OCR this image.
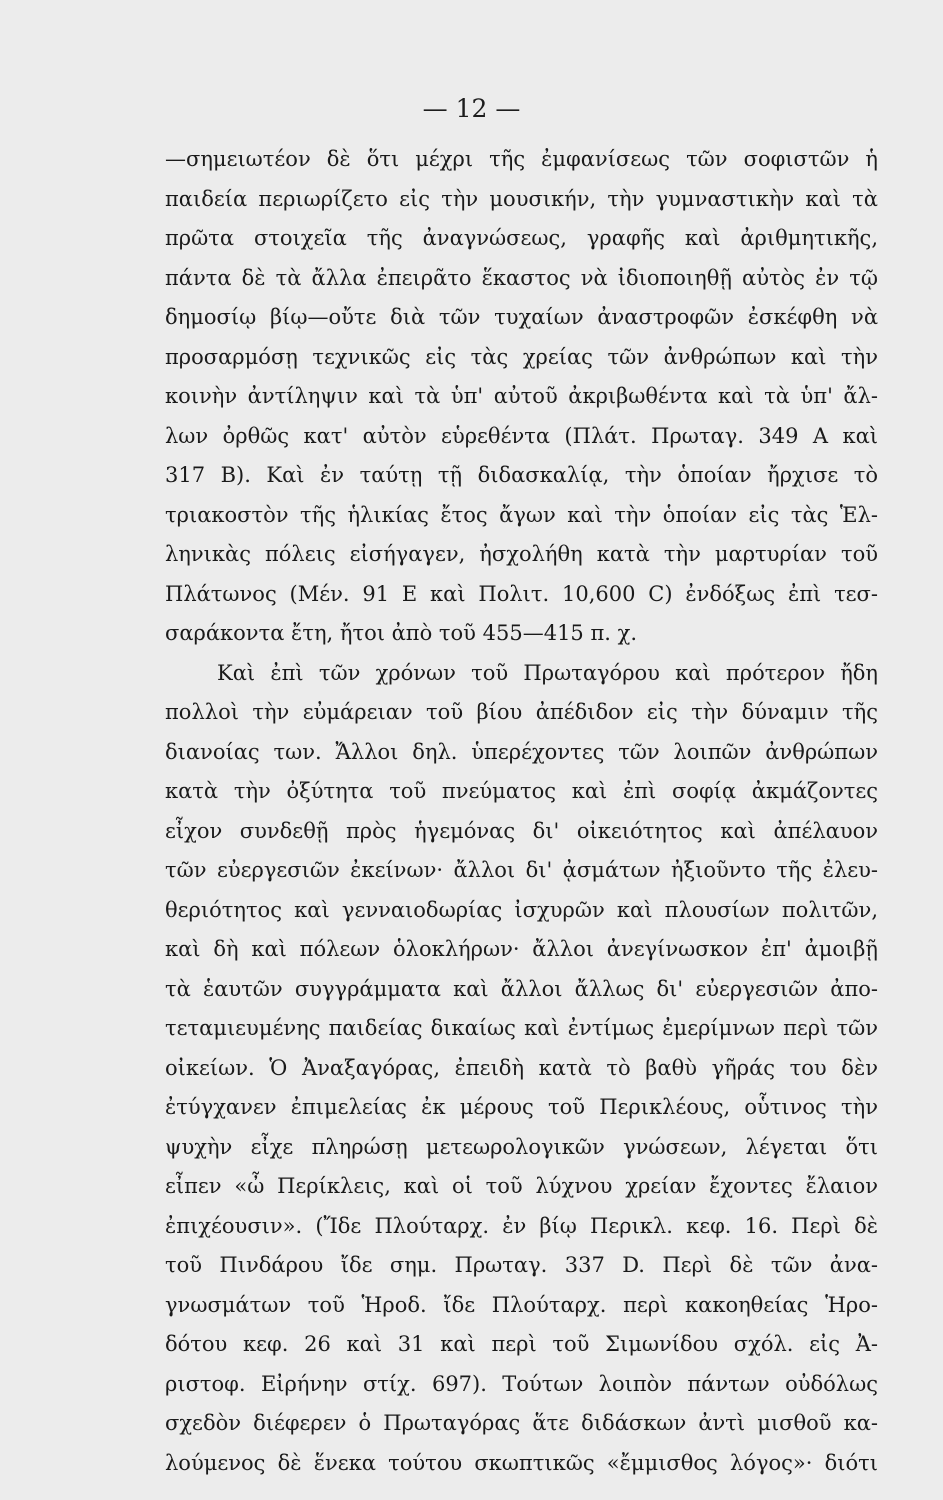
— 12 —
—σημειωτέον δὲ ὅτι μέχρι τῆς ἐμφανίσεως τῶν σοφιστῶν ἡ
παιδεία περιωρίζετο εἰς τὴν μουσικήν, τὴν γυμναστικὴν καὶ τὰ
πρῶτα στοιχεῖα τῆς ἀναγνώσεως, γραφῆς καὶ ἀριθμητικῆς,
πάντα δὲ τὰ ἄλλα ἐπειρᾶτο ἕκαστος νὰ ἰδιοποιηθῇ αὐτὸς ἐν τῷ
δημοσίῳ βίῳ—οὔτε διὰ τῶν τυχαίων ἀναστροφῶν ἐσκέφθη νὰ
προσαρμόσῃ τεχνικῶς εἰς τὰς χρείας τῶν ἀνθρώπων καὶ τὴν
κοινὴν ἀντίληψιν καὶ τὰ ὑπ' αὐτοῦ ἀκριβωθέντα καὶ τὰ ὑπ' ἄλ-
λων ὀρθῶς κατ' αὐτὸν εὑρεθέντα (Πλάτ. Πρωταγ. 349 Α καὶ
317 Β). Καὶ ἐν ταύτῃ τῇ διδασκαλίᾳ, τὴν ὁποίαν ἤρχισε τὸ
τριακοστὸν τῆς ἡλικίας ἔτος ἄγων καὶ τὴν ὁποίαν εἰς τὰς Ἑλ-
ληνικὰς πόλεις εἰσήγαγεν, ἠσχολήθη κατὰ τὴν μαρτυρίαν τοῦ
Πλάτωνος (Μέν. 91 Ε καὶ Πολιτ. 10,600 C) ἐνδόξως ἐπὶ τεσ-
σαράκοντα ἔτη, ἤτοι ἀπὸ τοῦ 455—415 π. χ.
Καὶ ἐπὶ τῶν χρόνων τοῦ Πρωταγόρου καὶ πρότερον ἤδη
πολλοὶ τὴν εὐμάρειαν τοῦ βίου ἀπέδιδον εἰς τὴν δύναμιν τῆς
διανοίας των. Ἄλλοι δηλ. ὑπερέχοντες τῶν λοιπῶν ἀνθρώπων
κατὰ τὴν ὀξύτητα τοῦ πνεύματος καὶ ἐπὶ σοφίᾳ ἀκμάζοντες
εἶχον συνδεθῇ πρὸς ἡγεμόνας δι' οἰκειότητος καὶ ἀπέλαυον
τῶν εὐεργεσιῶν ἐκείνων· ἄλλοι δι' ᾀσμάτων ἠξιοῦντο τῆς ἐλευ-
θεριότητος καὶ γενναιοδωρίας ἰσχυρῶν καὶ πλουσίων πολιτῶν,
καὶ δὴ καὶ πόλεων ὁλοκλήρων· ἄλλοι ἀνεγίνωσκον ἐπ' ἀμοιβῇ
τὰ ἑαυτῶν συγγράμματα καὶ ἄλλοι ἄλλως δι' εὐεργεσιῶν ἀπο-
τεταμιευμένης παιδείας δικαίως καὶ ἐντίμως ἐμερίμνων περὶ τῶν
οἰκείων. Ὁ Ἀναξαγόρας, ἐπειδὴ κατὰ τὸ βαθὺ γῆράς του δὲν
ἐτύγχανεν ἐπιμελείας ἐκ μέρους τοῦ Περικλέους, οὗτινος τὴν
ψυχὴν εἶχε πληρώσῃ μετεωρολογικῶν γνώσεων, λέγεται ὅτι
εἶπεν «ὦ Περίκλεις, καὶ οἱ τοῦ λύχνου χρείαν ἔχοντες ἔλαιον
ἐπιχέουσιν». (Ἴδε Πλούταρχ. ἐν βίῳ Περικλ. κεφ. 16. Περὶ δὲ
τοῦ Πινδάρου ἴδε σημ. Πρωταγ. 337 D. Περὶ δὲ τῶν ἀνα-
γνωσμάτων τοῦ Ἡροδ. ἴδε Πλούταρχ. περὶ κακοηθείας Ἡρο-
δότου κεφ. 26 καὶ 31 καὶ περὶ τοῦ Σιμωνίδου σχόλ. εἰς Ἀ-
ριστοφ. Εἰρήνην στίχ. 697). Τούτων λοιπὸν πάντων οὐδόλως
σχεδὸν διέφερεν ὁ Πρωταγόρας ἅτε διδάσκων ἀντὶ μισθοῦ κα-
λούμενος δὲ ἕνεκα τούτου σκωπτικῶς «ἔμμισθος λόγος»· διότι
